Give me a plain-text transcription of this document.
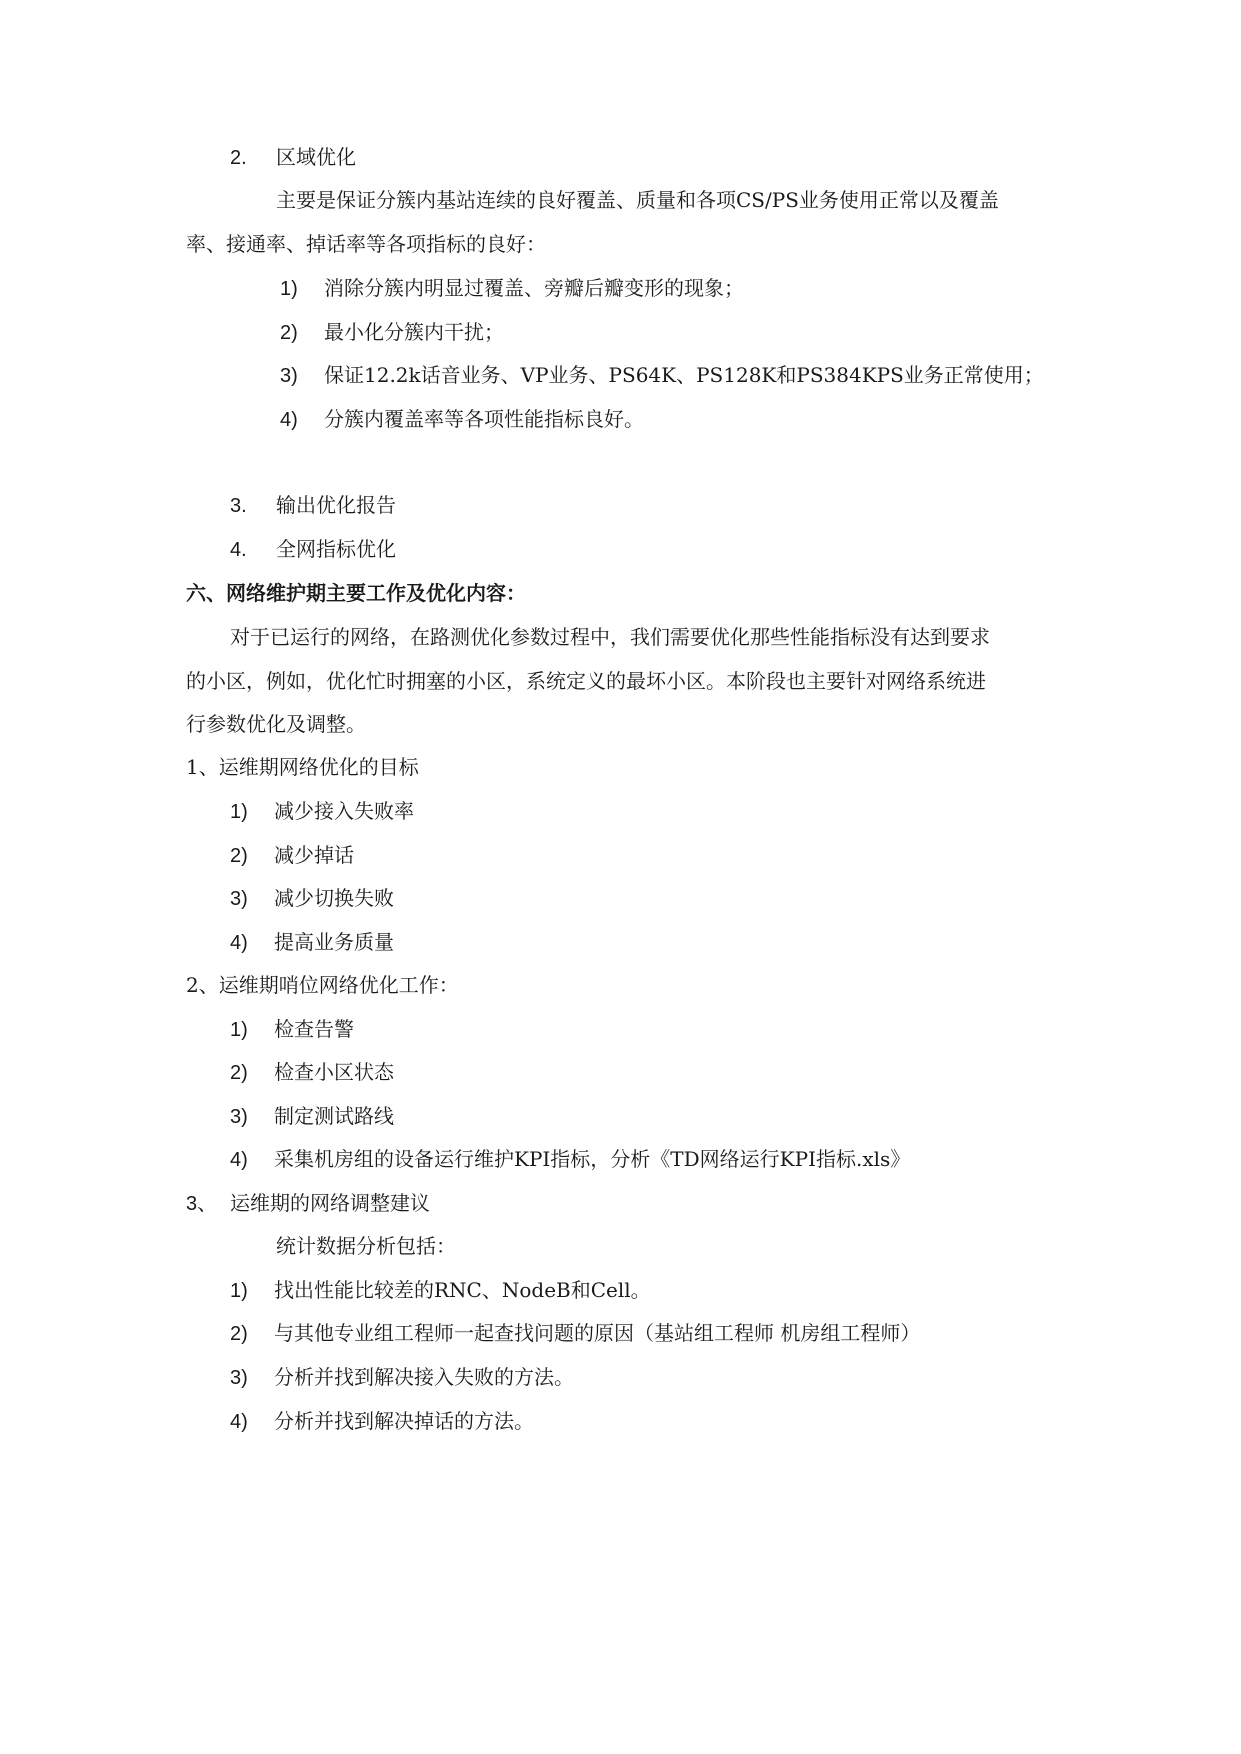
2. 区域优化
主要是保证分簇内基站连续的良好覆盖、质量和各项CS/PS业务使用正常以及覆盖
率、接通率、掉话率等各项指标的良好：
1) 消除分簇内明显过覆盖、旁瓣后瓣变形的现象；
2) 最小化分簇内干扰；
3) 保证12.2k话音业务、VP业务、PS64K、PS128K和PS384KPS业务正常使用；
4) 分簇内覆盖率等各项性能指标良好。
3. 输出优化报告
4. 全网指标优化
六、网络维护期主要工作及优化内容：
对于已运行的网络，在路测优化参数过程中，我们需要优化那些性能指标没有达到要求
的小区，例如，优化忙时拥塞的小区，系统定义的最坏小区。本阶段也主要针对网络系统进
行参数优化及调整。
1、运维期网络优化的目标
1) 减少接入失败率
2) 减少掉话
3) 减少切换失败
4) 提高业务质量
2、运维期哨位网络优化工作：
1) 检查告警
2) 检查小区状态
3) 制定测试路线
4) 采集机房组的设备运行维护KPI指标，分析《TD网络运行KPI指标.xls》
3、 运维期的网络调整建议
统计数据分析包括：
1) 找出性能比较差的RNC、NodeB和Cell。
2) 与其他专业组工程师一起查找问题的原因（基站组工程师 机房组工程师）
3) 分析并找到解决接入失败的方法。
4) 分析并找到解决掉话的方法。
